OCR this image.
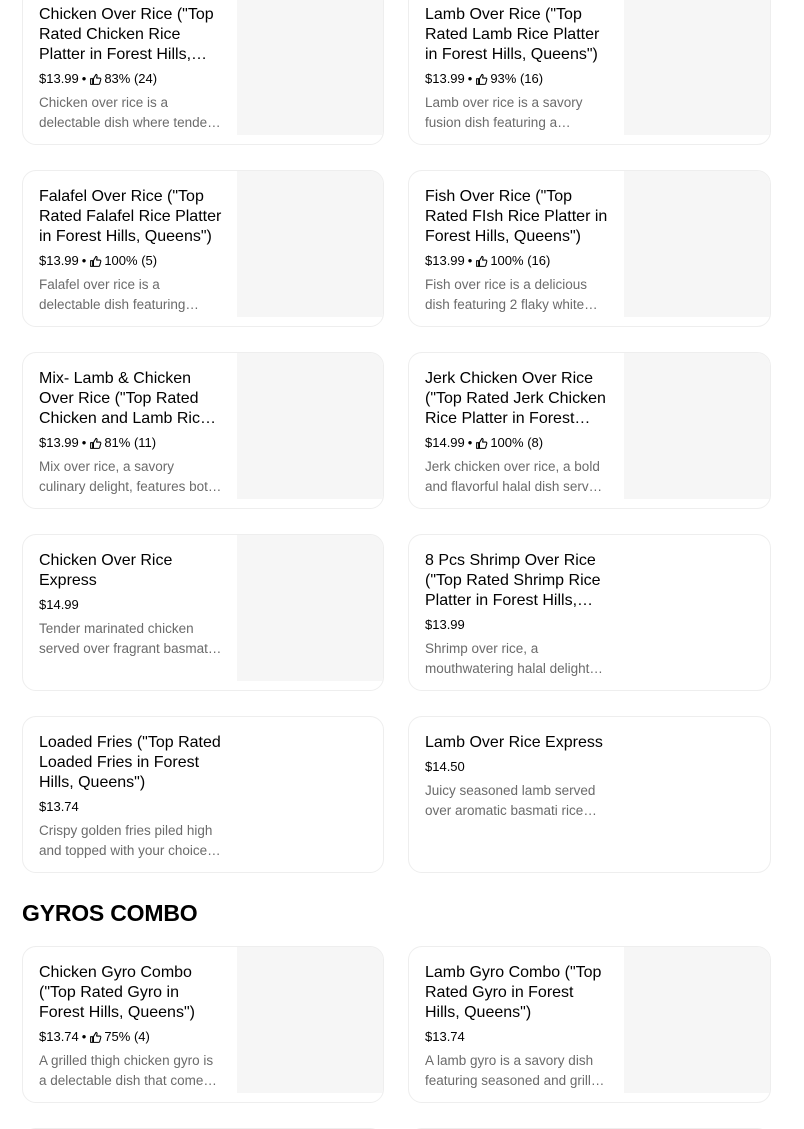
Chicken Over Rice ("Top Rated Chicken Rice Platter in Forest Hills,
$13.99 • 83% (24)
Chicken over rice is a delectable dish where tender
Lamb Over Rice ("Top Rated Lamb Rice Platter in Forest Hills, Queens")
$13.99 • 93% (16)
Lamb over rice is a savory fusion dish featuring a
Falafel Over Rice ("Top Rated Falafel Rice Platter in Forest Hills, Queens")
$13.99 • 100% (5)
Falafel over rice is a delectable dish featuring
Fish Over Rice ("Top Rated FIsh Rice Platter in Forest Hills, Queens")
$13.99 • 100% (16)
Fish over rice is a delicious dish featuring 2 flaky white
Mix- Lamb & Chicken Over Rice ("Top Rated Chicken and Lamb Rice
$13.99 • 81% (11)
Mix over rice, a savory culinary delight, features both
Jerk Chicken Over Rice ("Top Rated Jerk Chicken Rice Platter in Forest
$14.99 • 100% (8)
Jerk chicken over rice, a bold and flavorful halal dish served
Chicken Over Rice Express
$14.99
Tender marinated chicken served over fragrant basmati
8 Pcs Shrimp Over Rice ("Top Rated Shrimp Rice Platter in Forest Hills,
$13.99
Shrimp over rice, a mouthwatering halal delight
Loaded Fries ("Top Rated Loaded Fries in Forest Hills, Queens")
$13.74
Crispy golden fries piled high and topped with your choice
Lamb Over Rice Express
$14.50
Juicy seasoned lamb served over aromatic basmati rice
GYROS COMBO
Chicken Gyro Combo ("Top Rated Gyro in Forest Hills, Queens")
$13.74 • 75% (4)
A grilled thigh chicken gyro is a delectable dish that comes
Lamb Gyro Combo ("Top Rated Gyro in Forest Hills, Queens")
$13.74
A lamb gyro is a savory dish featuring seasoned and grilled
